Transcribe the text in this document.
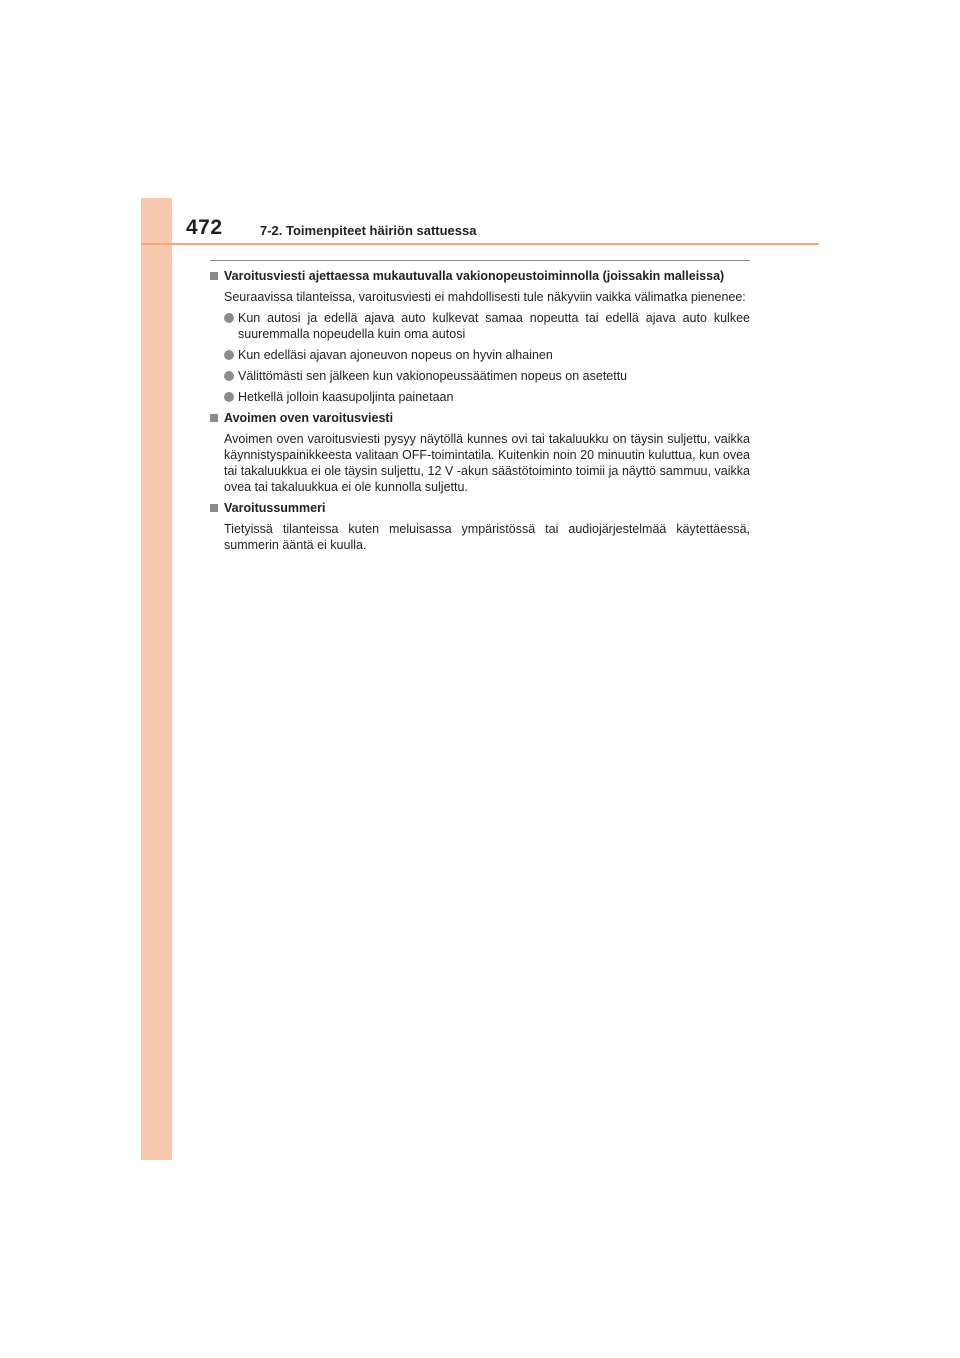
472	7-2. Toimenpiteet häiriön sattuessa
Varoitusviesti ajettaessa mukautuvalla vakionopeustoiminnolla (joissakin malleissa)

Seuraavissa tilanteissa, varoitusviesti ei mahdollisesti tule näkyviin vaikka välimatka pienenee:

Kun autosi ja edellä ajava auto kulkevat samaa nopeutta tai edellä ajava auto kulkee suuremmalla nopeudella kuin oma autosi
Kun edelläsi ajavan ajoneuvon nopeus on hyvin alhainen
Välittömästi sen jälkeen kun vakionopeussäätimen nopeus on asetettu
Hetkellä jolloin kaasupoljinta painetaan
Avoimen oven varoitusviesti

Avoimen oven varoitusviesti pysyy näytöllä kunnes ovi tai takaluukku on täysin suljettu, vaikka käynnistyspainikkeesta valitaan OFF-toimintatila. Kuitenkin noin 20 minuutin kuluttua, kun ovea tai takaluukkua ei ole täysin suljettu, 12 V -akun säästötoiminto toimii ja näyttö sammuu, vaikka ovea tai takaluukkua ei ole kunnolla suljettu.

Varoitussummeri

Tietyissä tilanteissa kuten meluisassa ympäristössä tai audiojärjestelmää käytettäessä, summerin ääntä ei kuulla.
